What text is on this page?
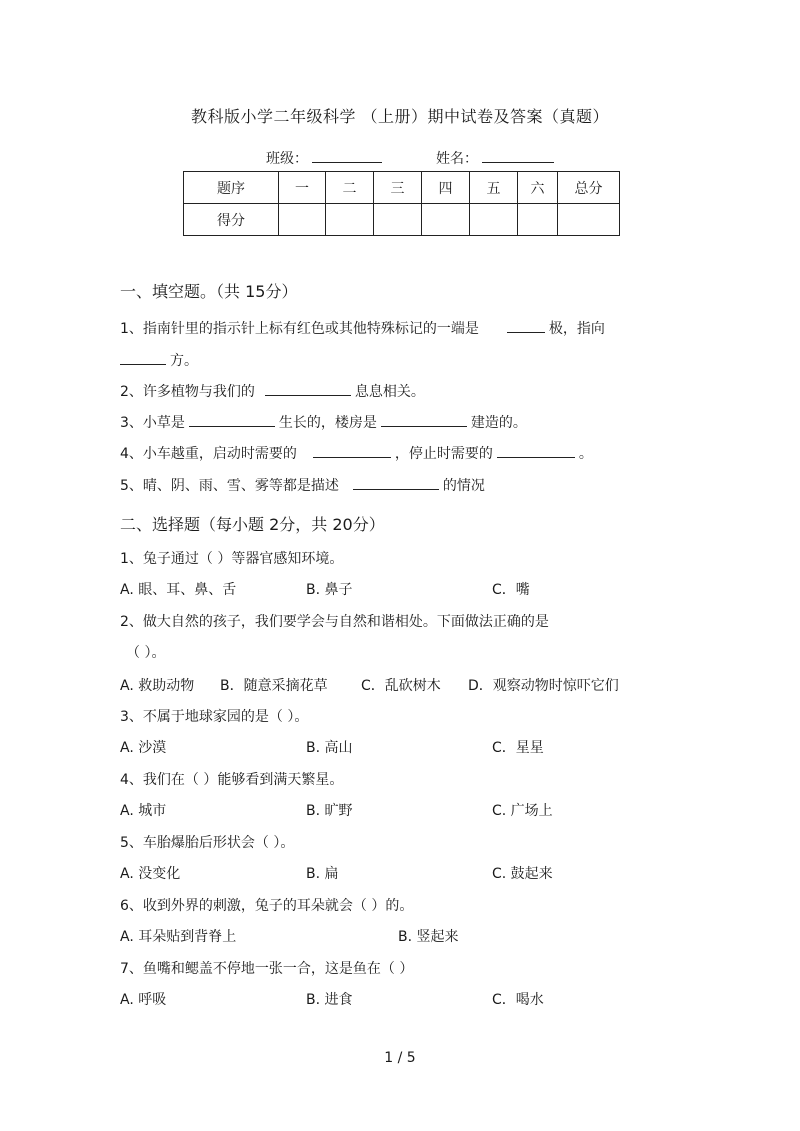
教科版小学二年级科学 （上册）期中试卷及答案（真题）
班级：	姓名：
题序	一	二	三	四	五	六	总分
得分							
一、填空题。（共 15分）
1、指南针里的指示针上标有红色或其他特殊标记的一端是	极，指向
方。
2、许多植物与我们的	息息相关。
3、小草是	生长的，楼房是	建造的。
4、小车越重，启动时需要的	，停止时需要的	。
5、晴、阴、雨、雪、雾等都是描述	的情况
二、选择题（每小题 2分，共 20分）
1、兔子通过（ ）等器官感知环境。
A. 眼、耳、鼻、舌	B. 鼻子	C．嘴
2、做大自然的孩子，我们要学会与自然和谐相处。下面做法正确的是
（ ）。
A. 救助动物 B．随意采摘花草 C．乱砍树木 D．观察动物时惊吓它们
3、不属于地球家园的是（ ）。
A. 沙漠	B. 高山	C．星星
4、我们在（ ）能够看到满天繁星。
A. 城市	B. 旷野	C. 广场上
5、车胎爆胎后形状会（ ）。
A. 没变化	B. 扁	C. 鼓起来
6、收到外界的刺激，兔子的耳朵就会（ ）的。
A. 耳朵贴到背脊上	B. 竖起来
7、鱼嘴和鳃盖不停地一张一合，这是鱼在（ ）
A. 呼吸	B. 进食	C．喝水
1 / 5
